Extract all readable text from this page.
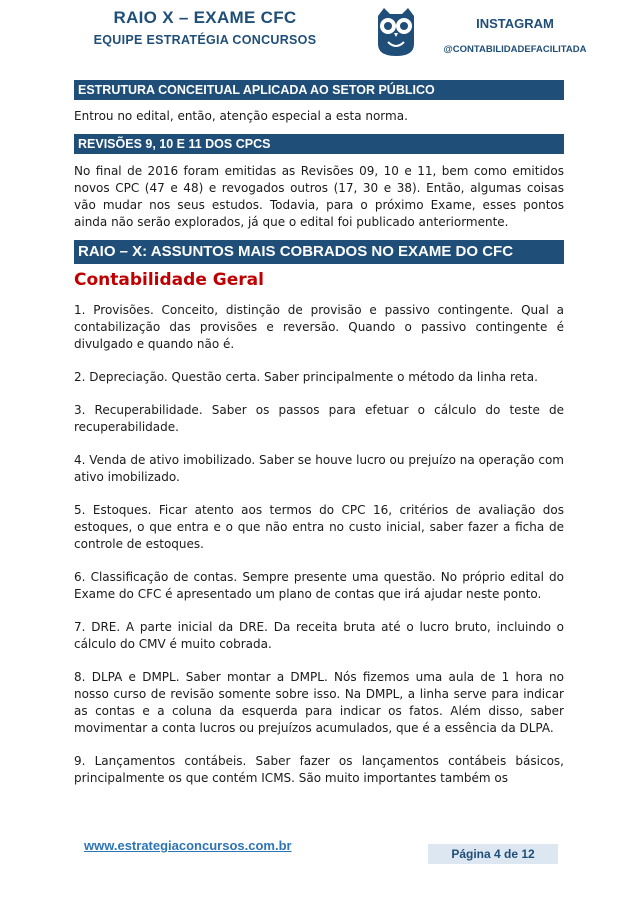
RAIO X – EXAME CFC
EQUIPE ESTRATÉGIA CONCURSOS
INSTAGRAM
@CONTABILIDADEFACILITADA
ESTRUTURA CONCEITUAL APLICADA AO SETOR PÚBLICO

Entrou no edital, então, atenção especial a esta norma.

REVISÕES 9, 10 E 11 DOS CPCS

No final de 2016 foram emitidas as Revisões 09, 10 e 11, bem como emitidos novos CPC (47 e 48) e revogados outros (17, 30 e 38). Então, algumas coisas vão mudar nos seus estudos. Todavia, para o próximo Exame, esses pontos ainda não serão explorados, já que o edital foi publicado anteriormente.

RAIO – X: ASSUNTOS MAIS COBRADOS NO EXAME DO CFC
Contabilidade Geral

1. Provisões. Conceito, distinção de provisão e passivo contingente. Qual a contabilização das provisões e reversão. Quando o passivo contingente é divulgado e quando não é.

2. Depreciação. Questão certa. Saber principalmente o método da linha reta.

3. Recuperabilidade. Saber os passos para efetuar o cálculo do teste de recuperabilidade.

4. Venda de ativo imobilizado. Saber se houve lucro ou prejuízo na operação com ativo imobilizado.

5. Estoques. Ficar atento aos termos do CPC 16, critérios de avaliação dos estoques, o que entra e o que não entra no custo inicial, saber fazer a ficha de controle de estoques.

6. Classificação de contas. Sempre presente uma questão. No próprio edital do Exame do CFC é apresentado um plano de contas que irá ajudar neste ponto.

7. DRE. A parte inicial da DRE. Da receita bruta até o lucro bruto, incluindo o cálculo do CMV é muito cobrada.

8. DLPA e DMPL. Saber montar a DMPL. Nós fizemos uma aula de 1 hora no nosso curso de revisão somente sobre isso. Na DMPL, a linha serve para indicar as contas e a coluna da esquerda para indicar os fatos. Além disso, saber movimentar a conta lucros ou prejuízos acumulados, que é a essência da DLPA.

9. Lançamentos contábeis. Saber fazer os lançamentos contábeis básicos, principalmente os que contém ICMS. São muito importantes também os

www.estrategiaconcursos.com.br
Página 4 de 12
